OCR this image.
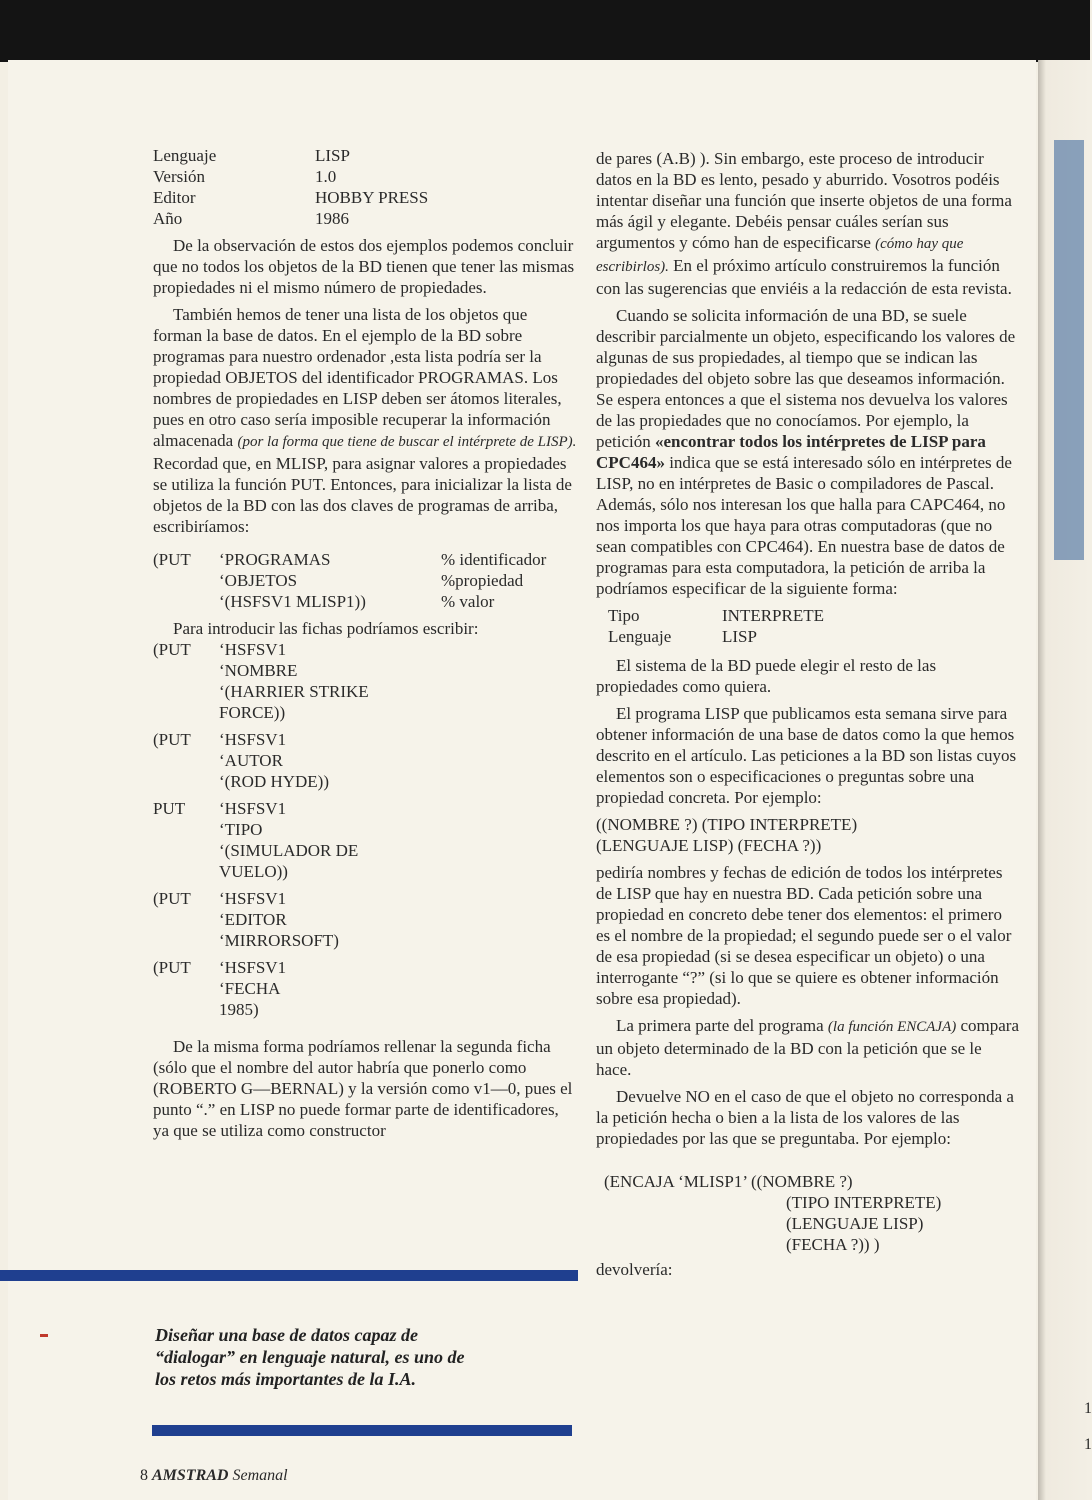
1
1
Lenguaje	LISP
Versión	1.0
Editor	HOBBY PRESS
Año	1986

De la observación de estos dos ejemplos podemos concluir que no todos los objetos de la BD tienen que tener las mismas propiedades ni el mismo número de propiedades.

También hemos de tener una lista de los objetos que forman la base de datos. En el ejemplo de la BD sobre programas para nuestro ordenador ,esta lista podría ser la propiedad OBJETOS del identificador PROGRAMAS. Los nombres de propiedades en LISP deben ser átomos literales, pues en otro caso sería imposible recuperar la información almacenada (por la forma que tiene de buscar el intérprete de LISP). Recordad que, en MLISP, para asignar valores a propiedades se utiliza la función PUT. Entonces, para inicializar la lista de objetos de la BD con las dos claves de programas de arriba, escribiríamos:

(PUT	‘PROGRAMAS	% identificador
‘OBJETOS	%propiedad
‘(HSFSV1 MLISP1))	% valor

Para introducir las fichas podríamos escribir:

(PUT	‘HSFSV1
‘NOMBRE
‘(HARRIER STRIKE
FORCE))
(PUT	‘HSFSV1
‘AUTOR
‘(ROD HYDE))
PUT	‘HSFSV1
‘TIPO
‘(SIMULADOR DE
VUELO))
(PUT	‘HSFSV1
‘EDITOR
‘MIRRORSOFT)
(PUT	‘HSFSV1
‘FECHA
1985)

De la misma forma podríamos rellenar la segunda ficha (sólo que el nombre del autor habría que ponerlo como (ROBERTO G—BERNAL) y la versión como v1—0, pues el punto “.” en LISP no puede formar parte de identificadores, ya que se utiliza como constructor

Diseñar una base de datos capaz de “dialogar” en lenguaje natural, es uno de los retos más importantes de la I.A.

de pares (A.B) ). Sin embargo, este proceso de introducir datos en la BD es lento, pesado y aburrido. Vosotros podéis intentar diseñar una función que inserte objetos de una forma más ágil y elegante. Debéis pensar cuáles serían sus argumentos y cómo han de especificarse (cómo hay que escribirlos). En el próximo artículo construiremos la función con las sugerencias que enviéis a la redacción de esta revista.

Cuando se solicita información de una BD, se suele describir parcialmente un objeto, especificando los valores de algunas de sus propiedades, al tiempo que se indican las propiedades del objeto sobre las que deseamos información. Se espera entonces a que el sistema nos devuelva los valores de las propiedades que no conocíamos. Por ejemplo, la petición «encontrar todos los intérpretes de LISP para CPC464» indica que se está interesado sólo en intérpretes de LISP, no en intérpretes de Basic o compiladores de Pascal. Además, sólo nos interesan los que halla para CAPC464, no nos importa los que haya para otras computadoras (que no sean compatibles con CPC464). En nuestra base de datos de programas para esta computadora, la petición de arriba la podríamos especificar de la siguiente forma:

Tipo	INTERPRETE
Lenguaje	LISP

El sistema de la BD puede elegir el resto de las propiedades como quiera.

El programa LISP que publicamos esta semana sirve para obtener información de una base de datos como la que hemos descrito en el artículo. Las peticiones a la BD son listas cuyos elementos son o especificaciones o preguntas sobre una propiedad concreta. Por ejemplo:

((NOMBRE ?) (TIPO INTERPRETE)
(LENGUAJE LISP) (FECHA ?))

pediría nombres y fechas de edición de todos los intérpretes de LISP que hay en nuestra BD. Cada petición sobre una propiedad en concreto debe tener dos elementos: el primero es el nombre de la propiedad; el segundo puede ser o el valor de esa propiedad (si se desea especificar un objeto) o una interrogante “?” (si lo que se quiere es obtener información sobre esa propiedad).

La primera parte del programa (la función ENCAJA) compara un objeto determinado de la BD con la petición que se le hace.

Devuelve NO en el caso de que el objeto no corresponda a la petición hecha o bien a la lista de los valores de las propiedades por las que se preguntaba. Por ejemplo:

(ENCAJA ‘MLISP1’ ((NOMBRE ?)
(TIPO INTERPRETE)
(LENGUAJE LISP)
(FECHA ?)) )

devolvería:

8 AMSTRAD Semanal
